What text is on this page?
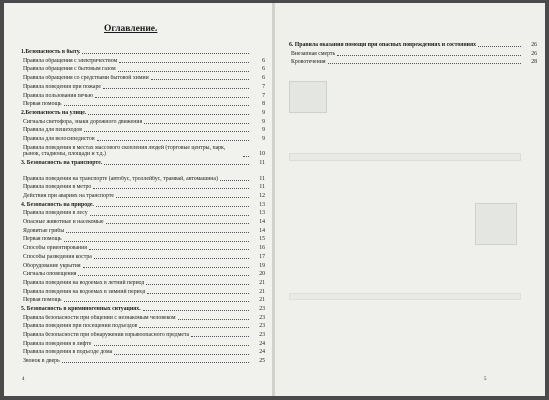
Оглавление.
1.Безопасность в быту.
Правила обращения с электричеством	6
Правила обращения с бытовым газом	6
Правила обращения со средствами бытовой химии	6
Правила поведения при пожаре	7
Правила пользования печью	7
Первая помощь	8
2.Безопасность на улице.	9
Сигналы светофора, знаки дорожного движения	9
Правила для пешеходов	9
Правила для велосипедистов	9
Правила поведения в местах массового скопления людей (торговые центры, парк, рынок, стадионы, площади и т.д.)	10
3. Безопасность на транспорте.	11
Правила поведения на транспорте (автобус, троллейбус, трамвай, автомашина)	11
Правила поведения в метро	11
Действия при авариях на транспорте	12
4. Безопасность на природе.	13
Правила поведения в лесу	13
Опасные животные и насекомые	14
Ядовитые грибы	14
Первая помощь	15
Способы ориентирования	16
Способы разведения костра	17
Оборудование укрытия	19
Сигналы оповещения	20
Правила поведения на водоемах в летний период	21
Правила поведения на водоемах в зимний период	21
Первая помощь	21
5. Безопасность в криминогенных ситуациях.	23
Правила безопасности при общении с незнакомым человеком	23
Правила поведения при посещении подъездов	23
Правила безопасности при обнаружении взрывоопасного предмета	23
Правила поведения в лифте	24
Правила поведения в подъезде дома	24
Звонок в дверь	25
4
6. Правила оказания помощи при опасных повреждениях и состояниях	26
Внезапная смерть	26
Кровотечения	28
5
